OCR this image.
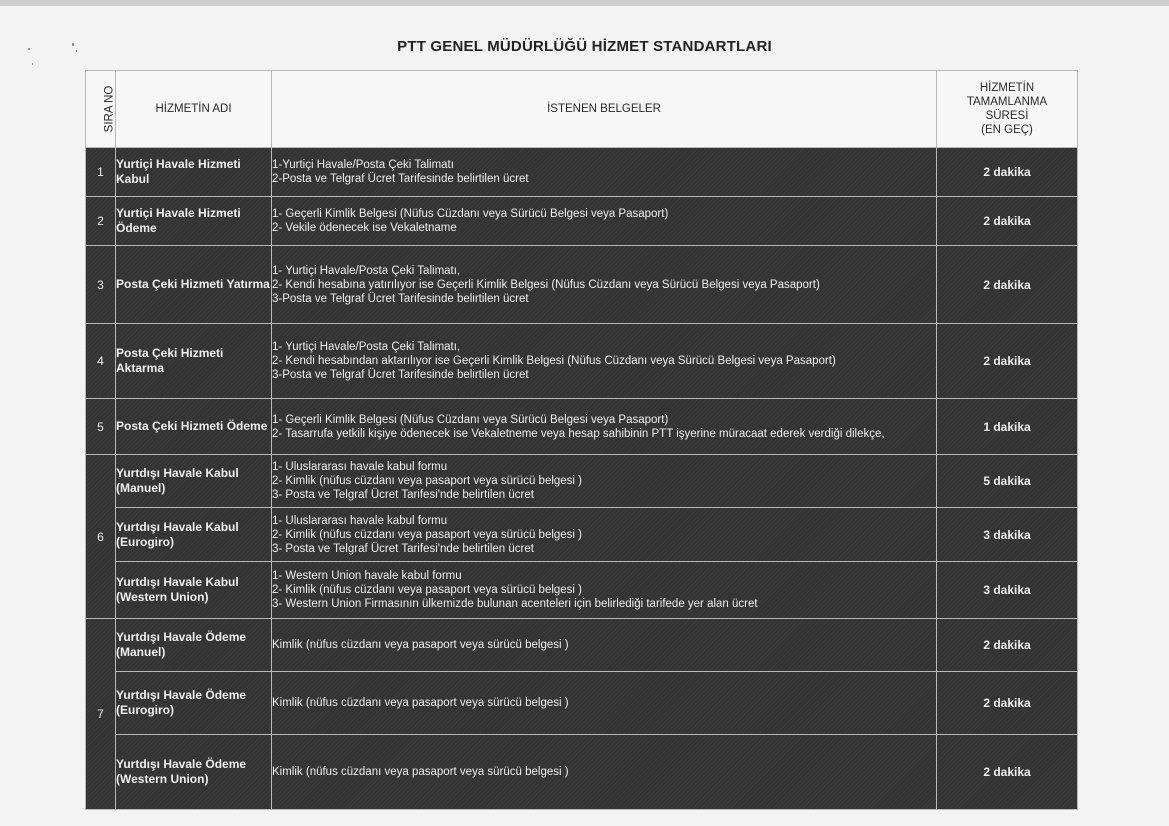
PTT GENEL MÜDÜRLÜĞÜ HİZMET STANDARTLARI
SIRA NO	HİZMETİN ADI	İSTENEN BELGELER	HİZMETİN
TAMAMLANMA
SÜRESİ
(EN GEÇ)

1	Yurtiçi Havale Hizmeti Kabul	1-Yurtiçi Havale/Posta Çeki Talimatı
2-Posta ve Telgraf Ücret Tarifesinde belirtilen ücret	2 dakika
2	Yurtiçi Havale Hizmeti Ödeme	1- Geçerli Kimlik Belgesi (Nüfus Cüzdanı veya Sürücü Belgesi veya Pasaport)
2- Vekile ödenecek ise Vekaletname	2 dakika
3	Posta Çeki Hizmeti Yatırma	1- Yurtiçi Havale/Posta Çeki Talimatı,
2- Kendi hesabına yatırılıyor ise Geçerli Kimlik Belgesi (Nüfus Cüzdanı veya Sürücü Belgesi veya Pasaport)
3-Posta ve Telgraf Ücret Tarifesinde belirtilen ücret	2 dakika
4	Posta Çeki Hizmeti Aktarma	1- Yurtiçi Havale/Posta Çeki Talimatı,
2- Kendi hesabından aktarılıyor ise Geçerli Kimlik Belgesi (Nüfus Cüzdanı veya Sürücü Belgesi veya Pasaport)
3-Posta ve Telgraf Ücret Tarifesinde belirtilen ücret	2 dakika
5	Posta Çeki Hizmeti Ödeme	1- Geçerli Kimlik Belgesi (Nüfus Cüzdanı veya Sürücü Belgesi veya Pasaport)
2- Tasarrufa yetkili kişiye ödenecek ise Vekaletneme veya hesap sahibinin PTT işyerine müracaat ederek verdiği dilekçe,	1 dakika
6	Yurtdışı Havale Kabul (Manuel)	1- Uluslararası havale kabul formu
2- Kimlik (nüfus cüzdanı veya pasaport veya sürücü belgesi )
3- Posta ve Telgraf Ücret Tarifesi'nde belirtilen ücret	5 dakika
	Yurtdışı Havale Kabul (Eurogiro)	1- Uluslararası havale kabul formu
2- Kimlik (nüfus cüzdanı veya pasaport veya sürücü belgesi )
3- Posta ve Telgraf Ücret Tarifesi'nde belirtilen ücret	3 dakika
	Yurtdışı Havale Kabul (Western Union)	1- Western Union havale kabul formu
2- Kimlik (nüfus cüzdanı veya pasaport veya sürücü belgesi )
3- Western Union Firmasının ülkemizde bulunan acenteleri için belirlediği tarifede yer alan ücret	3 dakika
7	Yurtdışı Havale Ödeme (Manuel)	Kimlik (nüfus cüzdanı veya pasaport veya sürücü belgesi )	2 dakika
	Yurtdışı Havale Ödeme (Eurogiro)	Kimlik (nüfus cüzdanı veya pasaport veya sürücü belgesi )	2 dakika
	Yurtdışı Havale Ödeme (Western Union)	Kimlik (nüfus cüzdanı veya pasaport veya sürücü belgesi )	2 dakika
